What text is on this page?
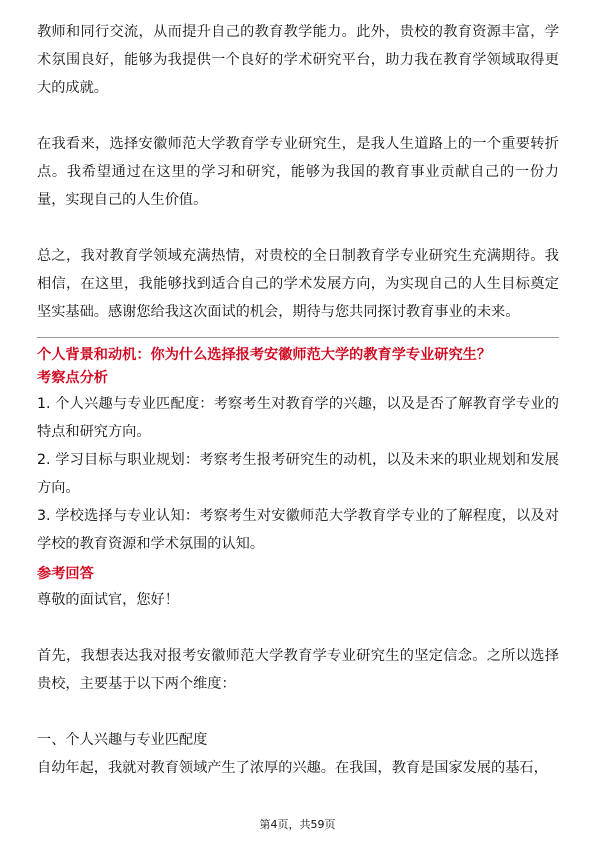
教师和同行交流，从而提升自己的教育教学能力。此外，贵校的教育资源丰富，学术氛围良好，能够为我提供一个良好的学术研究平台，助力我在教育学领域取得更大的成就。

在我看来，选择安徽师范大学教育学专业研究生，是我人生道路上的一个重要转折点。我希望通过在这里的学习和研究，能够为我国的教育事业贡献自己的一份力量，实现自己的人生价值。

总之，我对教育学领域充满热情，对贵校的全日制教育学专业研究生充满期待。我相信，在这里，我能够找到适合自己的学术发展方向，为实现自己的人生目标奠定坚实基础。感谢您给我这次面试的机会，期待与您共同探讨教育事业的未来。

个人背景和动机：你为什么选择报考安徽师范大学的教育学专业研究生？

考察点分析

1. 个人兴趣与专业匹配度：考察考生对教育学的兴趣，以及是否了解教育学专业的特点和研究方向。

2. 学习目标与职业规划：考察考生报考研究生的动机，以及未来的职业规划和发展方向。

3. 学校选择与专业认知：考察考生对安徽师范大学教育学专业的了解程度，以及对学校的教育资源和学术氛围的认知。

参考回答

尊敬的面试官，您好！

首先，我想表达我对报考安徽师范大学教育学专业研究生的坚定信念。之所以选择贵校，主要基于以下两个维度：

一、个人兴趣与专业匹配度

自幼年起，我就对教育领域产生了浓厚的兴趣。在我国，教育是国家发展的基石，

第4页，共59页
